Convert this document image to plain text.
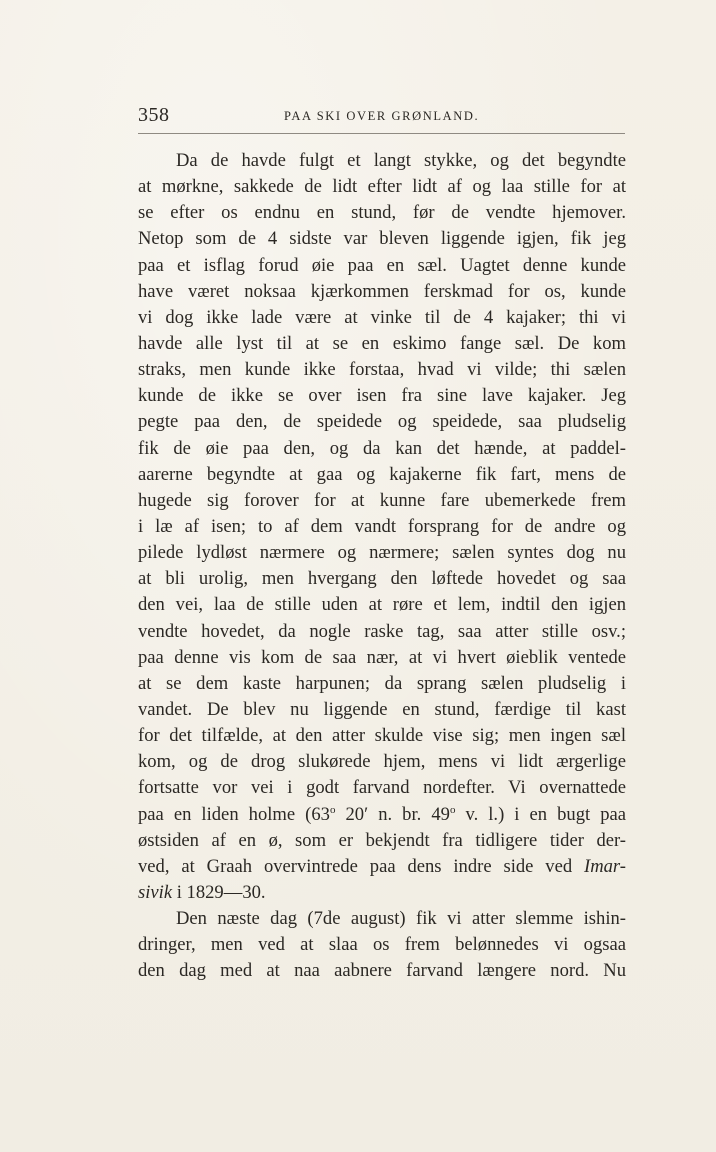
358	PAA SKI OVER GRØNLAND.
Da de havde fulgt et langt stykke, og det begyndte
at mørkne, sakkede de lidt efter lidt af og laa stille for at
se efter os endnu en stund, før de vendte hjemover.
Netop som de 4 sidste var bleven liggende igjen, fik jeg
paa et isflag forud øie paa en sæl. Uagtet denne kunde
have været noksaa kjærkommen ferskmad for os, kunde
vi dog ikke lade være at vinke til de 4 kajaker; thi vi
havde alle lyst til at se en eskimo fange sæl. De kom
straks, men kunde ikke forstaa, hvad vi vilde; thi sælen
kunde de ikke se over isen fra sine lave kajaker. Jeg
pegte paa den, de speidede og speidede, saa pludselig
fik de øie paa den, og da kan det hænde, at paddel-
aarerne begyndte at gaa og kajakerne fik fart, mens de
hugede sig forover for at kunne fare ubemerkede frem
i læ af isen; to af dem vandt forsprang for de andre og
pilede lydløst nærmere og nærmere; sælen syntes dog nu
at bli urolig, men hvergang den løftede hovedet og saa
den vei, laa de stille uden at røre et lem, indtil den igjen
vendte hovedet, da nogle raske tag, saa atter stille osv.;
paa denne vis kom de saa nær, at vi hvert øieblik ventede
at se dem kaste harpunen; da sprang sælen pludselig i
vandet. De blev nu liggende en stund, færdige til kast
for det tilfælde, at den atter skulde vise sig; men ingen sæl
kom, og de drog slukørede hjem, mens vi lidt ærgerlige
fortsatte vor vei i godt farvand nordefter. Vi overnattede
paa en liden holme (63$^o$ 20′ n. br. 49$^o$ v. l.) i en bugt paa
østsiden af en ø, som er bekjendt fra tidligere tider der-
ved, at Graah overvintrede paa dens indre side ved Imar-
sivik i 1829—30.
Den næste dag (7de august) fik vi atter slemme ishin-
dringer, men ved at slaa os frem belønnedes vi ogsaa
den dag med at naa aabnere farvand længere nord. Nu
